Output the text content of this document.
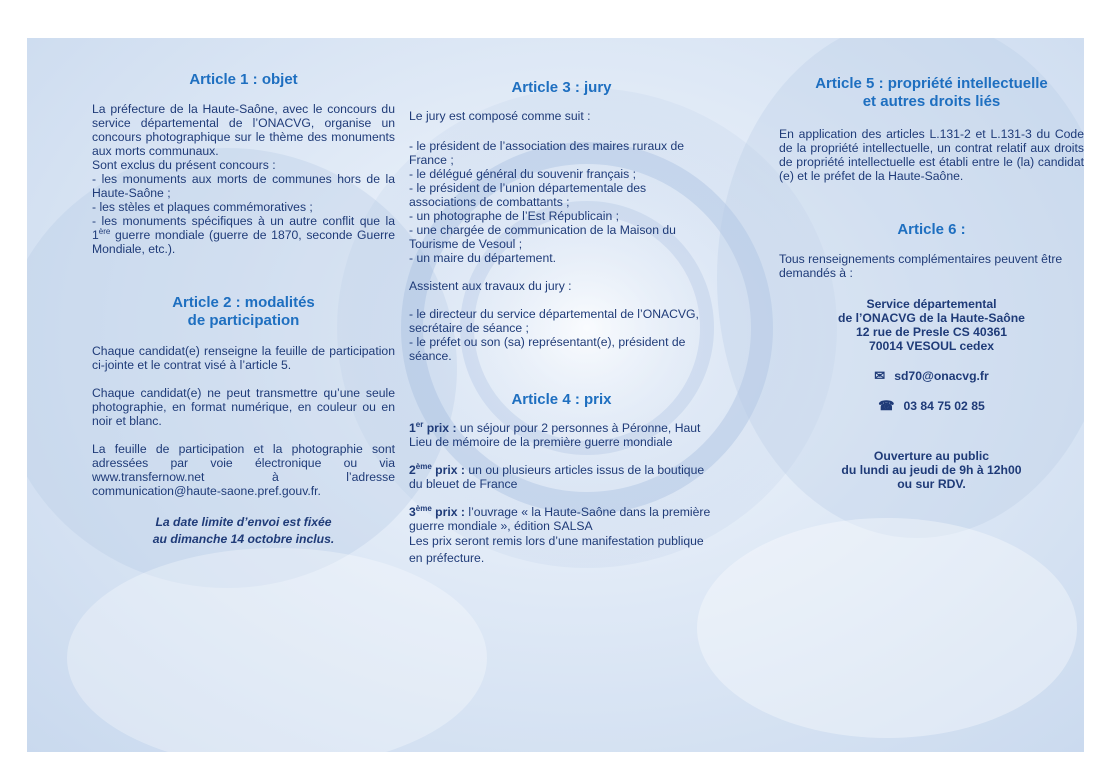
Article 1 : objet

La préfecture de la Haute-Saône, avec le concours du service départemental de l’ONACVG, organise un concours photographique sur le thème des monuments aux morts communaux.

Sont exclus du présent concours :

- les monuments aux morts de communes hors de la Haute-Saône ;

- les stèles et plaques commémoratives ;

- les monuments spécifiques à un autre conflit que la 1ère guerre mondiale (guerre de 1870, seconde Guerre Mondiale, etc.).

Article 2 : modalités
de participation

Chaque candidat(e) renseigne la feuille de participation ci-jointe et le contrat visé à l’article 5.

Chaque candidat(e) ne peut transmettre qu’une seule photographie, en format numérique, en couleur ou en noir et blanc.

La feuille de participation et la photographie sont adressées par voie électronique ou via www.transfernow.net à l’adresse communication@haute-saone.pref.gouv.fr.

La date limite d’envoi est fixée
au dimanche 14 octobre inclus.

Article 3 : jury

Le jury est composé comme suit :

- le président de l’association des maires ruraux de France ;

- le délégué général du souvenir français ;

- le président de l’union départementale des associations de combattants ;

- un photographe de l’Est Républicain ;

- une chargée de communication de la Maison du Tourisme de Vesoul ;

- un maire du département.

Assistent aux travaux du jury :

- le directeur du service départemental de l’ONACVG, secrétaire de séance ;

- le préfet ou son (sa) représentant(e), président de séance.

Article 4 : prix

1er prix : un séjour pour 2 personnes à Péronne, Haut Lieu de mémoire de la première guerre mondiale

2ème prix : un ou plusieurs articles issus de la boutique du bleuet de France

3ème prix : l’ouvrage « la Haute-Saône dans la première guerre mondiale », édition SALSA

Les prix seront remis lors d’une manifestation publique en préfecture.

Article 5 : propriété intellectuelle
et autres droits liés

En application des articles L.131-2 et L.131-3 du Code de la propriété intellectuelle, un contrat relatif aux droits de propriété intellectuelle est établi entre le (la) candidat (e) et le préfet de la Haute-Saône.

Article 6 :

Tous renseignements complémentaires peuvent être demandés à :

Service départemental
de l’ONACVG de la Haute-Saône
12 rue de Presle CS 40361
70014 VESOUL cedex

✉ sd70@onacvg.fr
☎ 03 84 75 02 85

Ouverture au public
du lundi au jeudi de 9h à 12h00
ou sur RDV.
